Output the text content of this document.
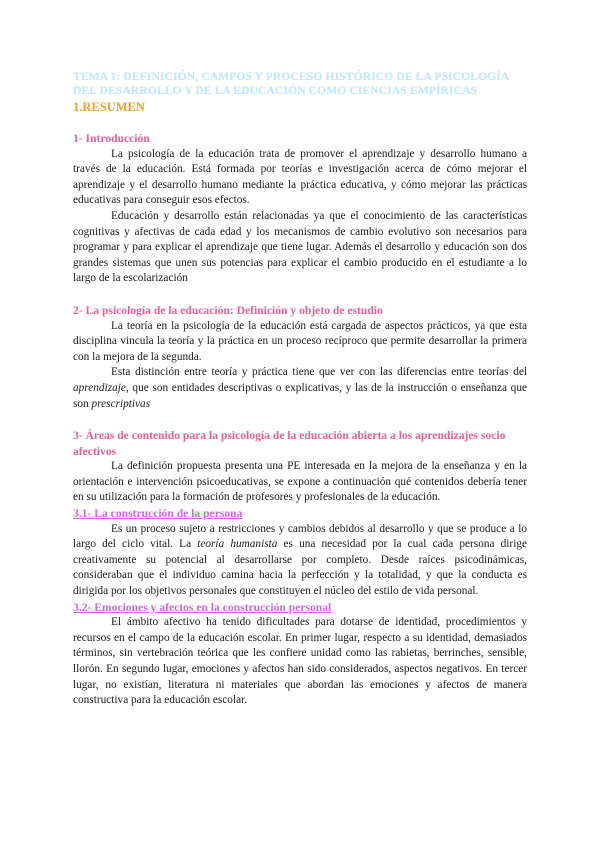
TEMA 1: DEFINICIÓN, CAMPOS Y PROCESO HISTÓRICO DE LA PSICOLOGÍA DEL DESARROLLO Y DE LA EDUCACIÓN COMO CIENCIAS EMPÍRICAS
1.RESUMEN
1- Introducción

La psicología de la educación trata de promover el aprendizaje y desarrollo humano a través de la educación. Está formada por teorías e investigación acerca de cómo mejorar el aprendizaje y el desarrollo humano mediante la práctica educativa, y cómo mejorar las prácticas educativas para conseguir esos efectos.

Educación y desarrollo están relacionadas ya que el conocimiento de las características cognitivas y afectivas de cada edad y los mecanismos de cambio evolutivo son necesarios para programar y para explicar el aprendizaje que tiene lugar. Además el desarrollo y educación son dos grandes sistemas que unen sus potencias para explicar el cambio producido en el estudiante a lo largo de la escolarización

2- La psicología de la educación: Definición y objeto de estudio

La teoría en la psicología de la educación está cargada de aspectos prácticos, ya que esta disciplina vincula la teoría y la práctica en un proceso recíproco que permite desarrollar la primera con la mejora de la segunda.

Esta distinción entre teoría y práctica tiene que ver con las diferencias entre teorías del aprendizaje, que son entidades descriptivas o explicativas, y las de la instrucción o enseñanza que son prescriptivas

3- Áreas de contenido para la psicología de la educación abierta a los aprendizajes socio afectivos

La definición propuesta presenta una PE interesada en la mejora de la enseñanza y en la orientación e intervención psicoeducativas, se expone a continuación qué contenidos debería tener en su utilización para la formación de profesores y profesionales de la educación.

3.1- La construcción de la persona

Es un proceso sujeto a restricciones y cambios debidos al desarrollo y que se produce a lo largo del ciclo vital. La teoría humanista es una necesidad por la cual cada persona dirige creativamente su potencial al desarrollarse por completo. Desde raíces psicodinámicas, consideraban que el individuo camina hacia la perfección y la totalidad, y que la conducta es dirigida por los objetivos personales que constituyen el núcleo del estilo de vida personal.

3.2- Emociones y afectos en la construcción personal

El ámbito afectivo ha tenido dificultades para dotarse de identidad, procedimientos y recursos en el campo de la educación escolar. En primer lugar, respecto a su identidad, demasiados términos, sin vertebración teórica que les confiere unidad como las rabietas, berrinches, sensible, llorón. En segundo lugar, emociones y afectos han sido considerados, aspectos negativos. En tercer lugar, no existían, literatura ni materiales que abordan las emociones y afectos de manera constructiva para la educación escolar.
